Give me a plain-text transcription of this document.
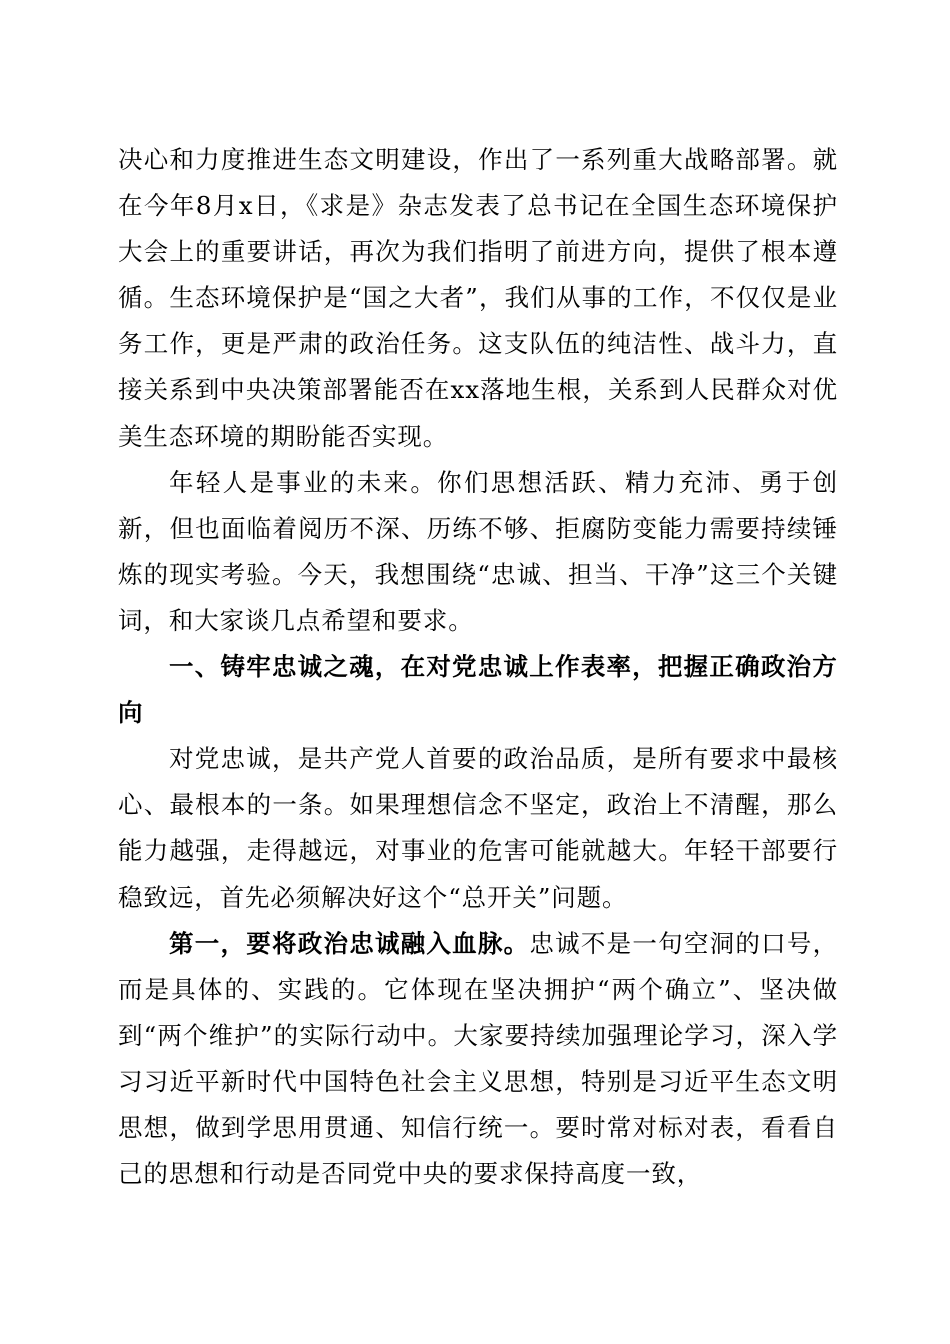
决心和力度推进生态文明建设，作出了一系列重大战略部署。就在今年8月x日，《求是》杂志发表了总书记在全国生态环境保护大会上的重要讲话，再次为我们指明了前进方向，提供了根本遵循。生态环境保护是“国之大者”，我们从事的工作，不仅仅是业务工作，更是严肃的政治任务。这支队伍的纯洁性、战斗力，直接关系到中央决策部署能否在xx落地生根，关系到人民群众对优美生态环境的期盼能否实现。

年轻人是事业的未来。你们思想活跃、精力充沛、勇于创新，但也面临着阅历不深、历练不够、拒腐防变能力需要持续锤炼的现实考验。今天，我想围绕“忠诚、担当、干净”这三个关键词，和大家谈几点希望和要求。

一、铸牢忠诚之魂，在对党忠诚上作表率，把握正确政治方向

对党忠诚，是共产党人首要的政治品质，是所有要求中最核心、最根本的一条。如果理想信念不坚定，政治上不清醒，那么能力越强，走得越远，对事业的危害可能就越大。年轻干部要行稳致远，首先必须解决好这个“总开关”问题。

第一，要将政治忠诚融入血脉。忠诚不是一句空洞的口号，而是具体的、实践的。它体现在坚决拥护“两个确立”、坚决做到“两个维护”的实际行动中。大家要持续加强理论学习，深入学习习近平新时代中国特色社会主义思想，特别是习近平生态文明思想，做到学思用贯通、知信行统一。要时常对标对表，看看自己的思想和行动是否同党中央的要求保持高度一致，
